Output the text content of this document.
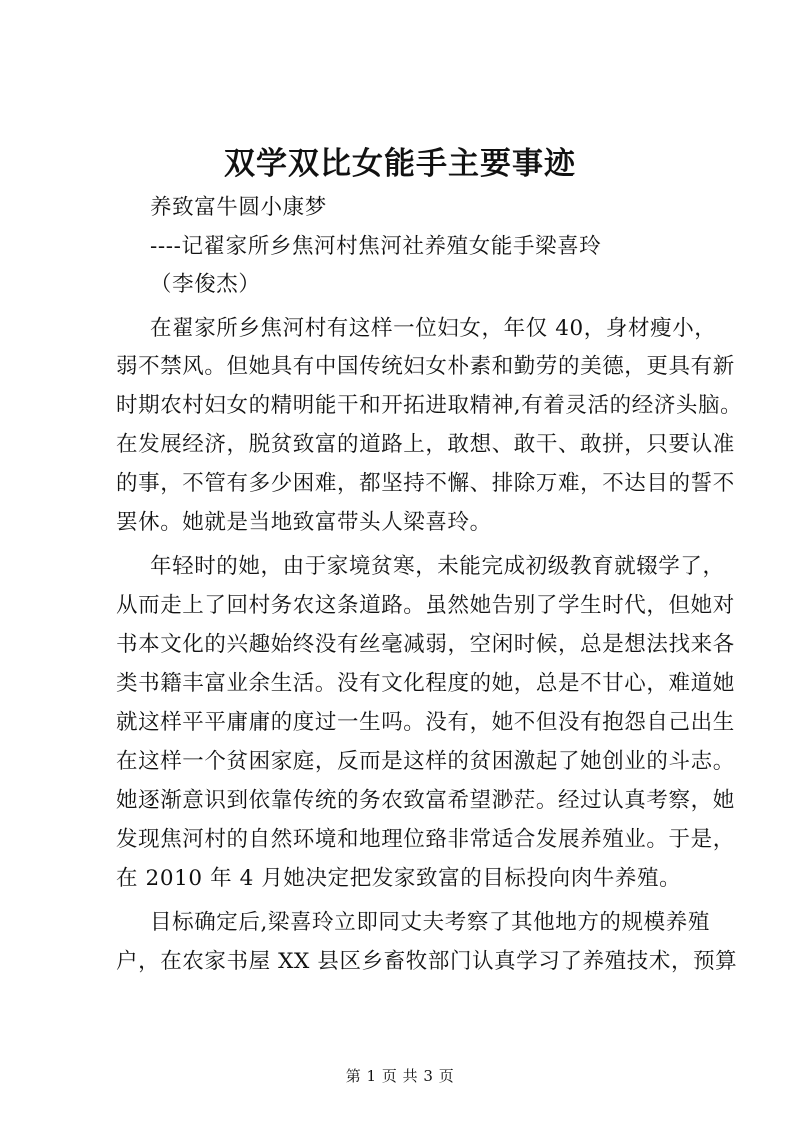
双学双比女能手主要事迹
养致富牛圆小康梦
----记翟家所乡焦河村焦河社养殖女能手梁喜玲
（李俊杰）
在翟家所乡焦河村有这样一位妇女，年仅 40，身材瘦小，
弱不禁风。但她具有中国传统妇女朴素和勤劳的美德，更具有新
时期农村妇女的精明能干和开拓进取精神,有着灵活的经济头脑。
在发展经济，脱贫致富的道路上，敢想、敢干、敢拼，只要认准
的事，不管有多少困难，都坚持不懈、排除万难，不达目的誓不
罢休。她就是当地致富带头人梁喜玲。
年轻时的她，由于家境贫寒，未能完成初级教育就辍学了，
从而走上了回村务农这条道路。虽然她告别了学生时代，但她对
书本文化的兴趣始终没有丝毫减弱，空闲时候，总是想法找来各
类书籍丰富业余生活。没有文化程度的她，总是不甘心，难道她
就这样平平庸庸的度过一生吗。没有，她不但没有抱怨自己出生
在这样一个贫困家庭，反而是这样的贫困激起了她创业的斗志。
她逐渐意识到依靠传统的务农致富希望渺茫。经过认真考察，她
发现焦河村的自然环境和地理位臵非常适合发展养殖业。于是，
在 2010 年 4 月她决定把发家致富的目标投向肉牛养殖。
目标确定后,梁喜玲立即同丈夫考察了其他地方的规模养殖
户，在农家书屋 XX 县区乡畜牧部门认真学习了养殖技术，预算
第 1 页 共 3 页
